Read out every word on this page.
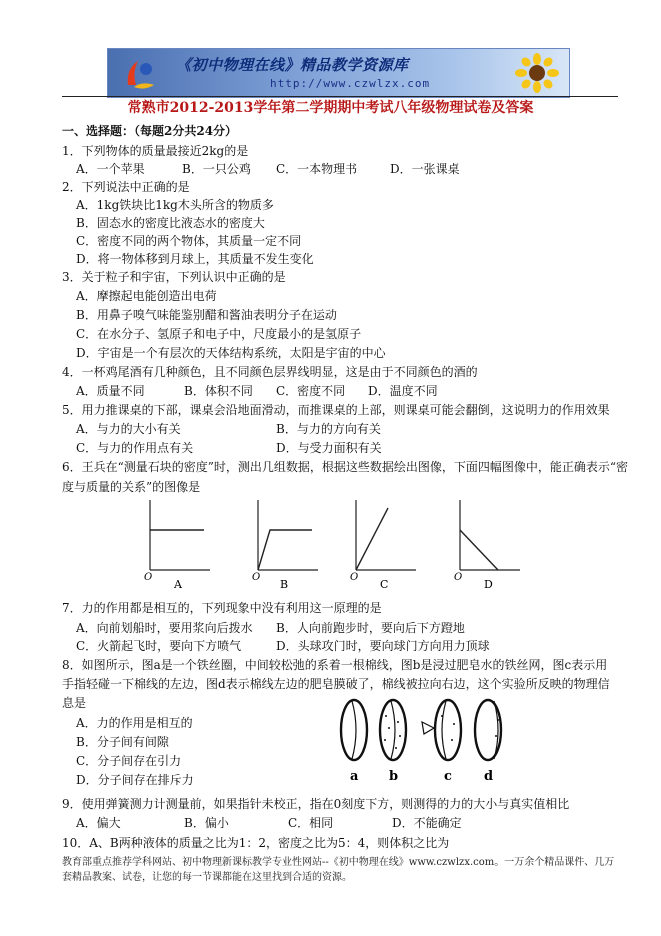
《初中物理在线》精品教学资源库
http://www.czwlzx.com
常熟市2012-2013学年第二学期期中考试八年级物理试卷及答案
一、选择题：（每题2分共24分）
1．下列物体的质量最接近2kg的是
A．一个苹果	B．一只公鸡 C．一本物理书	D．一张课桌
2．下列说法中正确的是
A．1kg铁块比1kg木头所含的物质多
B．固态水的密度比液态水的密度大
C．密度不同的两个物体，其质量一定不同
D．将一物体移到月球上，其质量不发生变化
3．关于粒子和宇宙，下列认识中正确的是
A．摩擦起电能创造出电荷
B．用鼻子嗅气味能鉴别醋和酱油表明分子在运动
C．在水分子、氢原子和电子中，尺度最小的是氢原子
D．宇宙是一个有层次的天体结构系统，太阳是宇宙的中心
4．一杯鸡尾酒有几种颜色，且不同颜色层界线明显，这是由于不同颜色的酒的
A．质量不同	B．体积不同 C．密度不同 D．温度不同
5．用力推课桌的下部，课桌会沿地面滑动，而推课桌的上部，则课桌可能会翻倒，这说明力的作用效果
A．与力的大小有关	B．与力的方向有关
C．与力的作用点有关	D．与受力面积有关
6．王兵在“测量石块的密度”时，测出几组数据，根据这些数据绘出图像，下面四幅图像中，能正确表示“密
度与质量的关系”的图像是
7．力的作用都是相互的，下列现象中没有利用这一原理的是
A．向前划船时，要用浆向后拨水 B．人向前跑步时，要向后下方蹬地
C．火箭起飞时，要向下方喷气	D．头球攻门时，要向球门方向用力顶球
8．如图所示，图a是一个铁丝圈，中间较松弛的系着一根棉线，图b是浸过肥皂水的铁丝网，图c表示用
手指轻碰一下棉线的左边，图d表示棉线左边的肥皂膜破了，棉线被拉向右边，这个实验所反映的物理信
息是
A．力的作用是相互的
B．分子间有间隙
C．分子间存在引力
D．分子间存在排斥力
9．使用弹簧测力计测量前，如果指针未校正，指在0刻度下方，则测得的力的大小与真实值相比
A．偏大	B．偏小	C．相同	D．不能确定
10．A、B两种液体的质量之比为1：2，密度之比为5：4，则体积之比为
O
A
O
B
O
C
O
D
a b	c d
教育部重点推荐学科网站、初中物理新课标教学专业性网站--《初中物理在线》www.czwlzx.com。一万余个精品课件、几万套精品教案、试卷，让您的每一节课都能在这里找到合适的资源。
